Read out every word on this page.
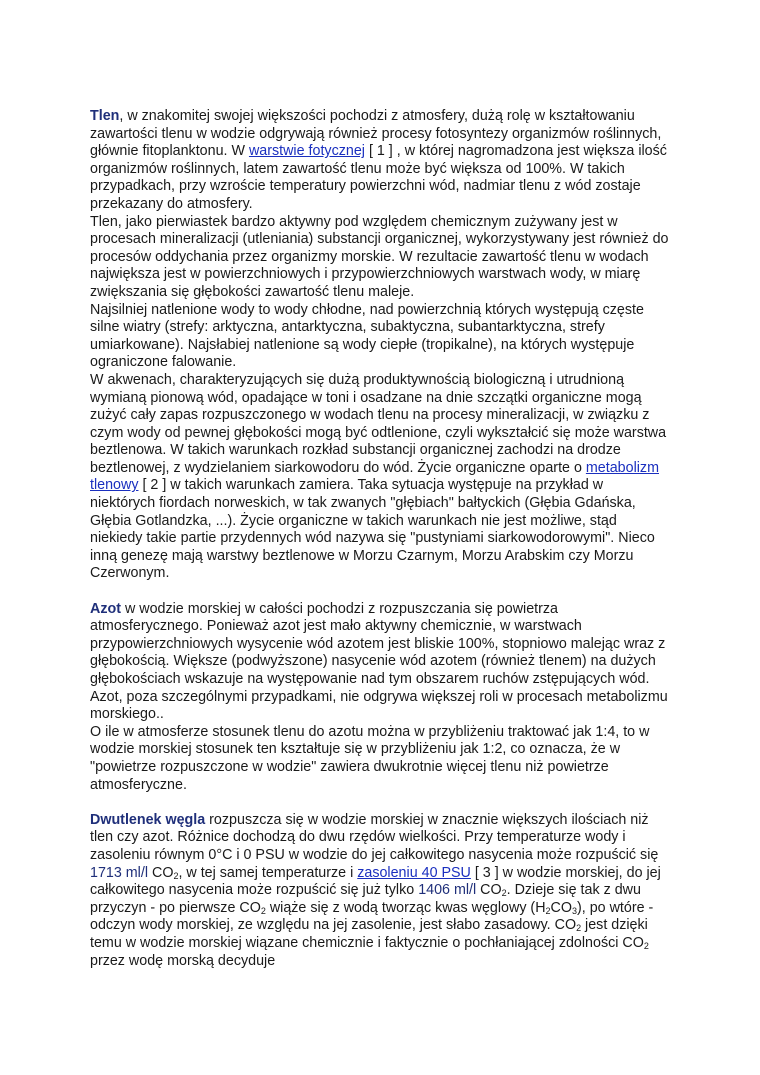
Tlen, w znakomitej swojej większości pochodzi z atmosfery, dużą rolę w kształtowaniu zawartości tlenu w wodzie odgrywają również procesy fotosyntezy organizmów roślinnych, głównie fitoplanktonu. W warstwie fotycznej [ 1 ] , w której nagromadzona jest większa ilość organizmów roślinnych, latem zawartość tlenu może być większa od 100%. W takich przypadkach, przy wzroście temperatury powierzchni wód, nadmiar tlenu z wód zostaje przekazany do atmosfery.

Tlen, jako pierwiastek bardzo aktywny pod względem chemicznym zużywany jest w procesach mineralizacji (utleniania) substancji organicznej, wykorzystywany jest również do procesów oddychania przez organizmy morskie. W rezultacie zawartość tlenu w wodach największa jest w powierzchniowych i przypowierzchniowych warstwach wody, w miarę zwiększania się głębokości zawartość tlenu maleje.

Najsilniej natlenione wody to wody chłodne, nad powierzchnią których występują częste silne wiatry (strefy: arktyczna, antarktyczna, subaktyczna, subantarktyczna, strefy umiarkowane). Najsłabiej natlenione są wody ciepłe (tropikalne), na których występuje ograniczone falowanie.

W akwenach, charakteryzujących się dużą produktywnością biologiczną i utrudnioną wymianą pionową wód, opadające w toni i osadzane na dnie szczątki organiczne mogą zużyć cały zapas rozpuszczonego w wodach tlenu na procesy mineralizacji, w związku z czym wody od pewnej głębokości mogą być odtlenione, czyli wykształcić się może warstwa beztlenowa. W takich warunkach rozkład substancji organicznej zachodzi na drodze beztlenowej, z wydzielaniem siarkowodoru do wód. Życie organiczne oparte o metabolizm tlenowy [ 2 ] w takich warunkach zamiera. Taka sytuacja występuje na przykład w niektórych fiordach norweskich, w tak zwanych "głębiach" bałtyckich (Głębia Gdańska, Głębia Gotlandzka, ...). Życie organiczne w takich warunkach nie jest możliwe, stąd niekiedy takie partie przydennych wód nazywa się "pustyniami siarkowodorowymi". Nieco inną genezę mają warstwy beztlenowe w Morzu Czarnym, Morzu Arabskim czy Morzu Czerwonym.

Azot w wodzie morskiej w całości pochodzi z rozpuszczania się powietrza atmosferycznego. Ponieważ azot jest mało aktywny chemicznie, w warstwach przypowierzchniowych wysycenie wód azotem jest bliskie 100%, stopniowo malejąc wraz z głębokością. Większe (podwyższone) nasycenie wód azotem (również tlenem) na dużych głębokościach wskazuje na występowanie nad tym obszarem ruchów zstępujących wód. Azot, poza szczególnymi przypadkami, nie odgrywa większej roli w procesach metabolizmu morskiego..

O ile w atmosferze stosunek tlenu do azotu można w przybliżeniu traktować jak 1:4, to w wodzie morskiej stosunek ten kształtuje się w przybliżeniu jak 1:2, co oznacza, że w "powietrze rozpuszczone w wodzie" zawiera dwukrotnie więcej tlenu niż powietrze atmosferyczne.

Dwutlenek węgla rozpuszcza się w wodzie morskiej w znacznie większych ilościach niż tlen czy azot. Różnice dochodzą do dwu rzędów wielkości. Przy temperaturze wody i zasoleniu równym 0°C i 0 PSU w wodzie do jej całkowitego nasycenia może rozpuścić się 1713 ml/l $CO_2$, w tej samej temperaturze i zasoleniu 40 PSU [ 3 ] w wodzie morskiej, do jej całkowitego nasycenia może rozpuścić się już tylko 1406 ml/l $CO_2$. Dzieje się tak z dwu przyczyn - po pierwsze $CO_2$ wiąże się z wodą tworząc kwas węglowy $(H_2CO_3)$, po wtóre - odczyn wody morskiej, ze względu na jej zasolenie, jest słabo zasadowy. $CO_2$ jest dzięki temu w wodzie morskiej wiązane chemicznie i faktycznie o pochłaniającej zdolności $CO_2$ przez wodę morską decyduje
